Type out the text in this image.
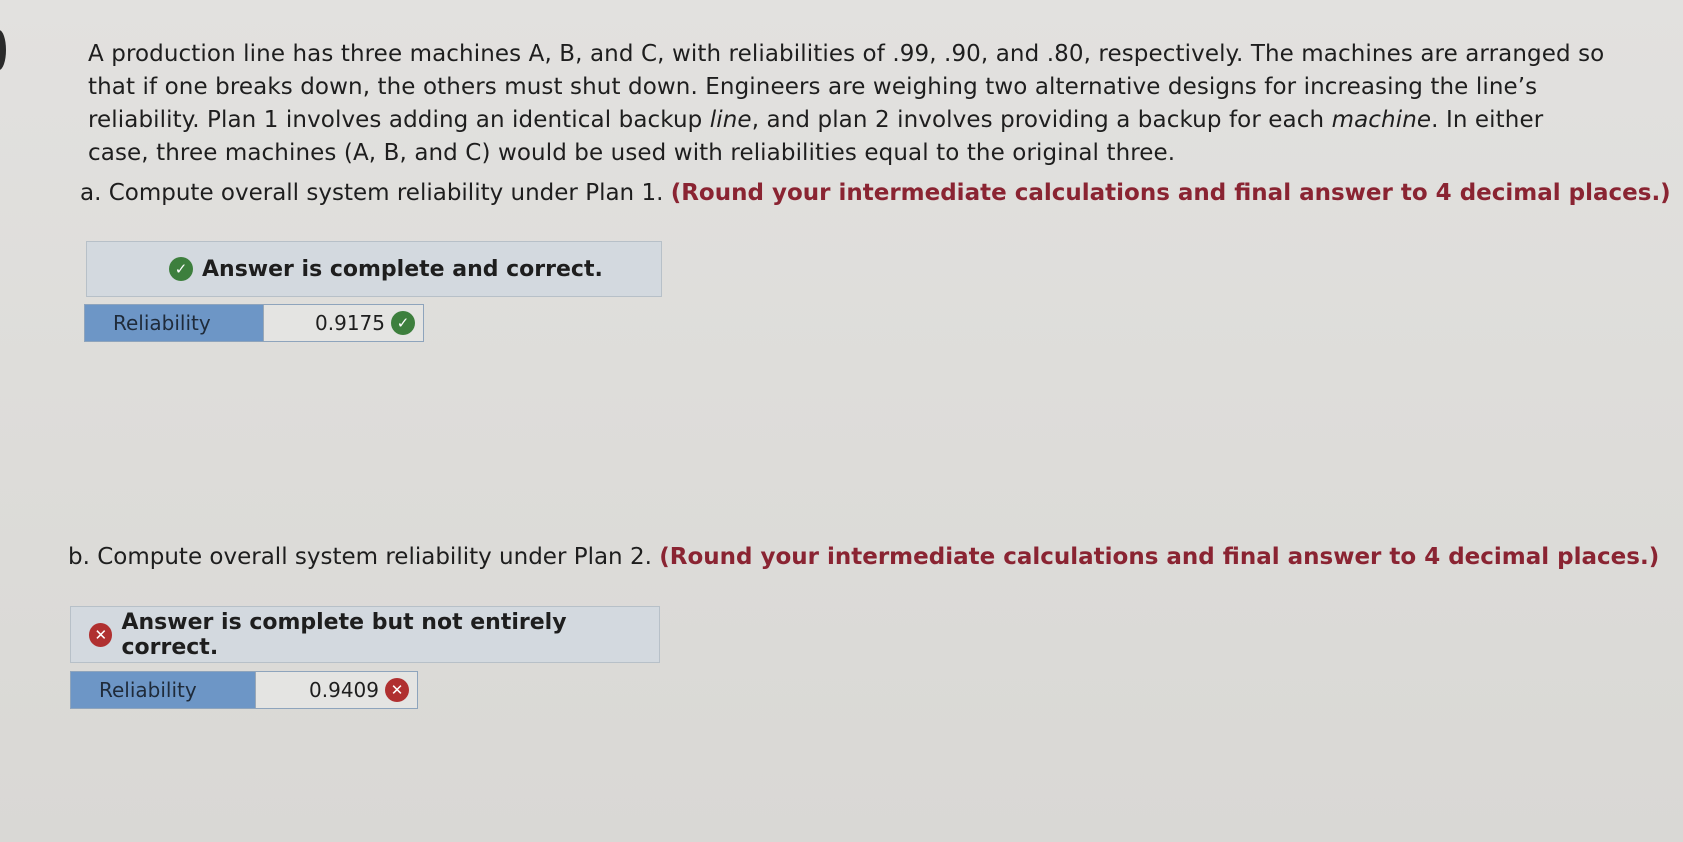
A production line has three machines A, B, and C, with reliabilities of .99, .90, and .80, respectively. The machines are arranged so that if one breaks down, the others must shut down. Engineers are weighing two alternative designs for increasing the line’s reliability. Plan 1 involves adding an identical backup line, and plan 2 involves providing a backup for each machine. In either case, three machines (A, B, and C) would be used with reliabilities equal to the original three.
a. Compute overall system reliability under Plan 1. (Round your intermediate calculations and final answer to 4 decimal places.)
✓ Answer is complete and correct.
Reliability	0.9175 ✓
b. Compute overall system reliability under Plan 2. (Round your intermediate calculations and final answer to 4 decimal places.)
✕ Answer is complete but not entirely correct.
Reliability	0.9409 ✕
